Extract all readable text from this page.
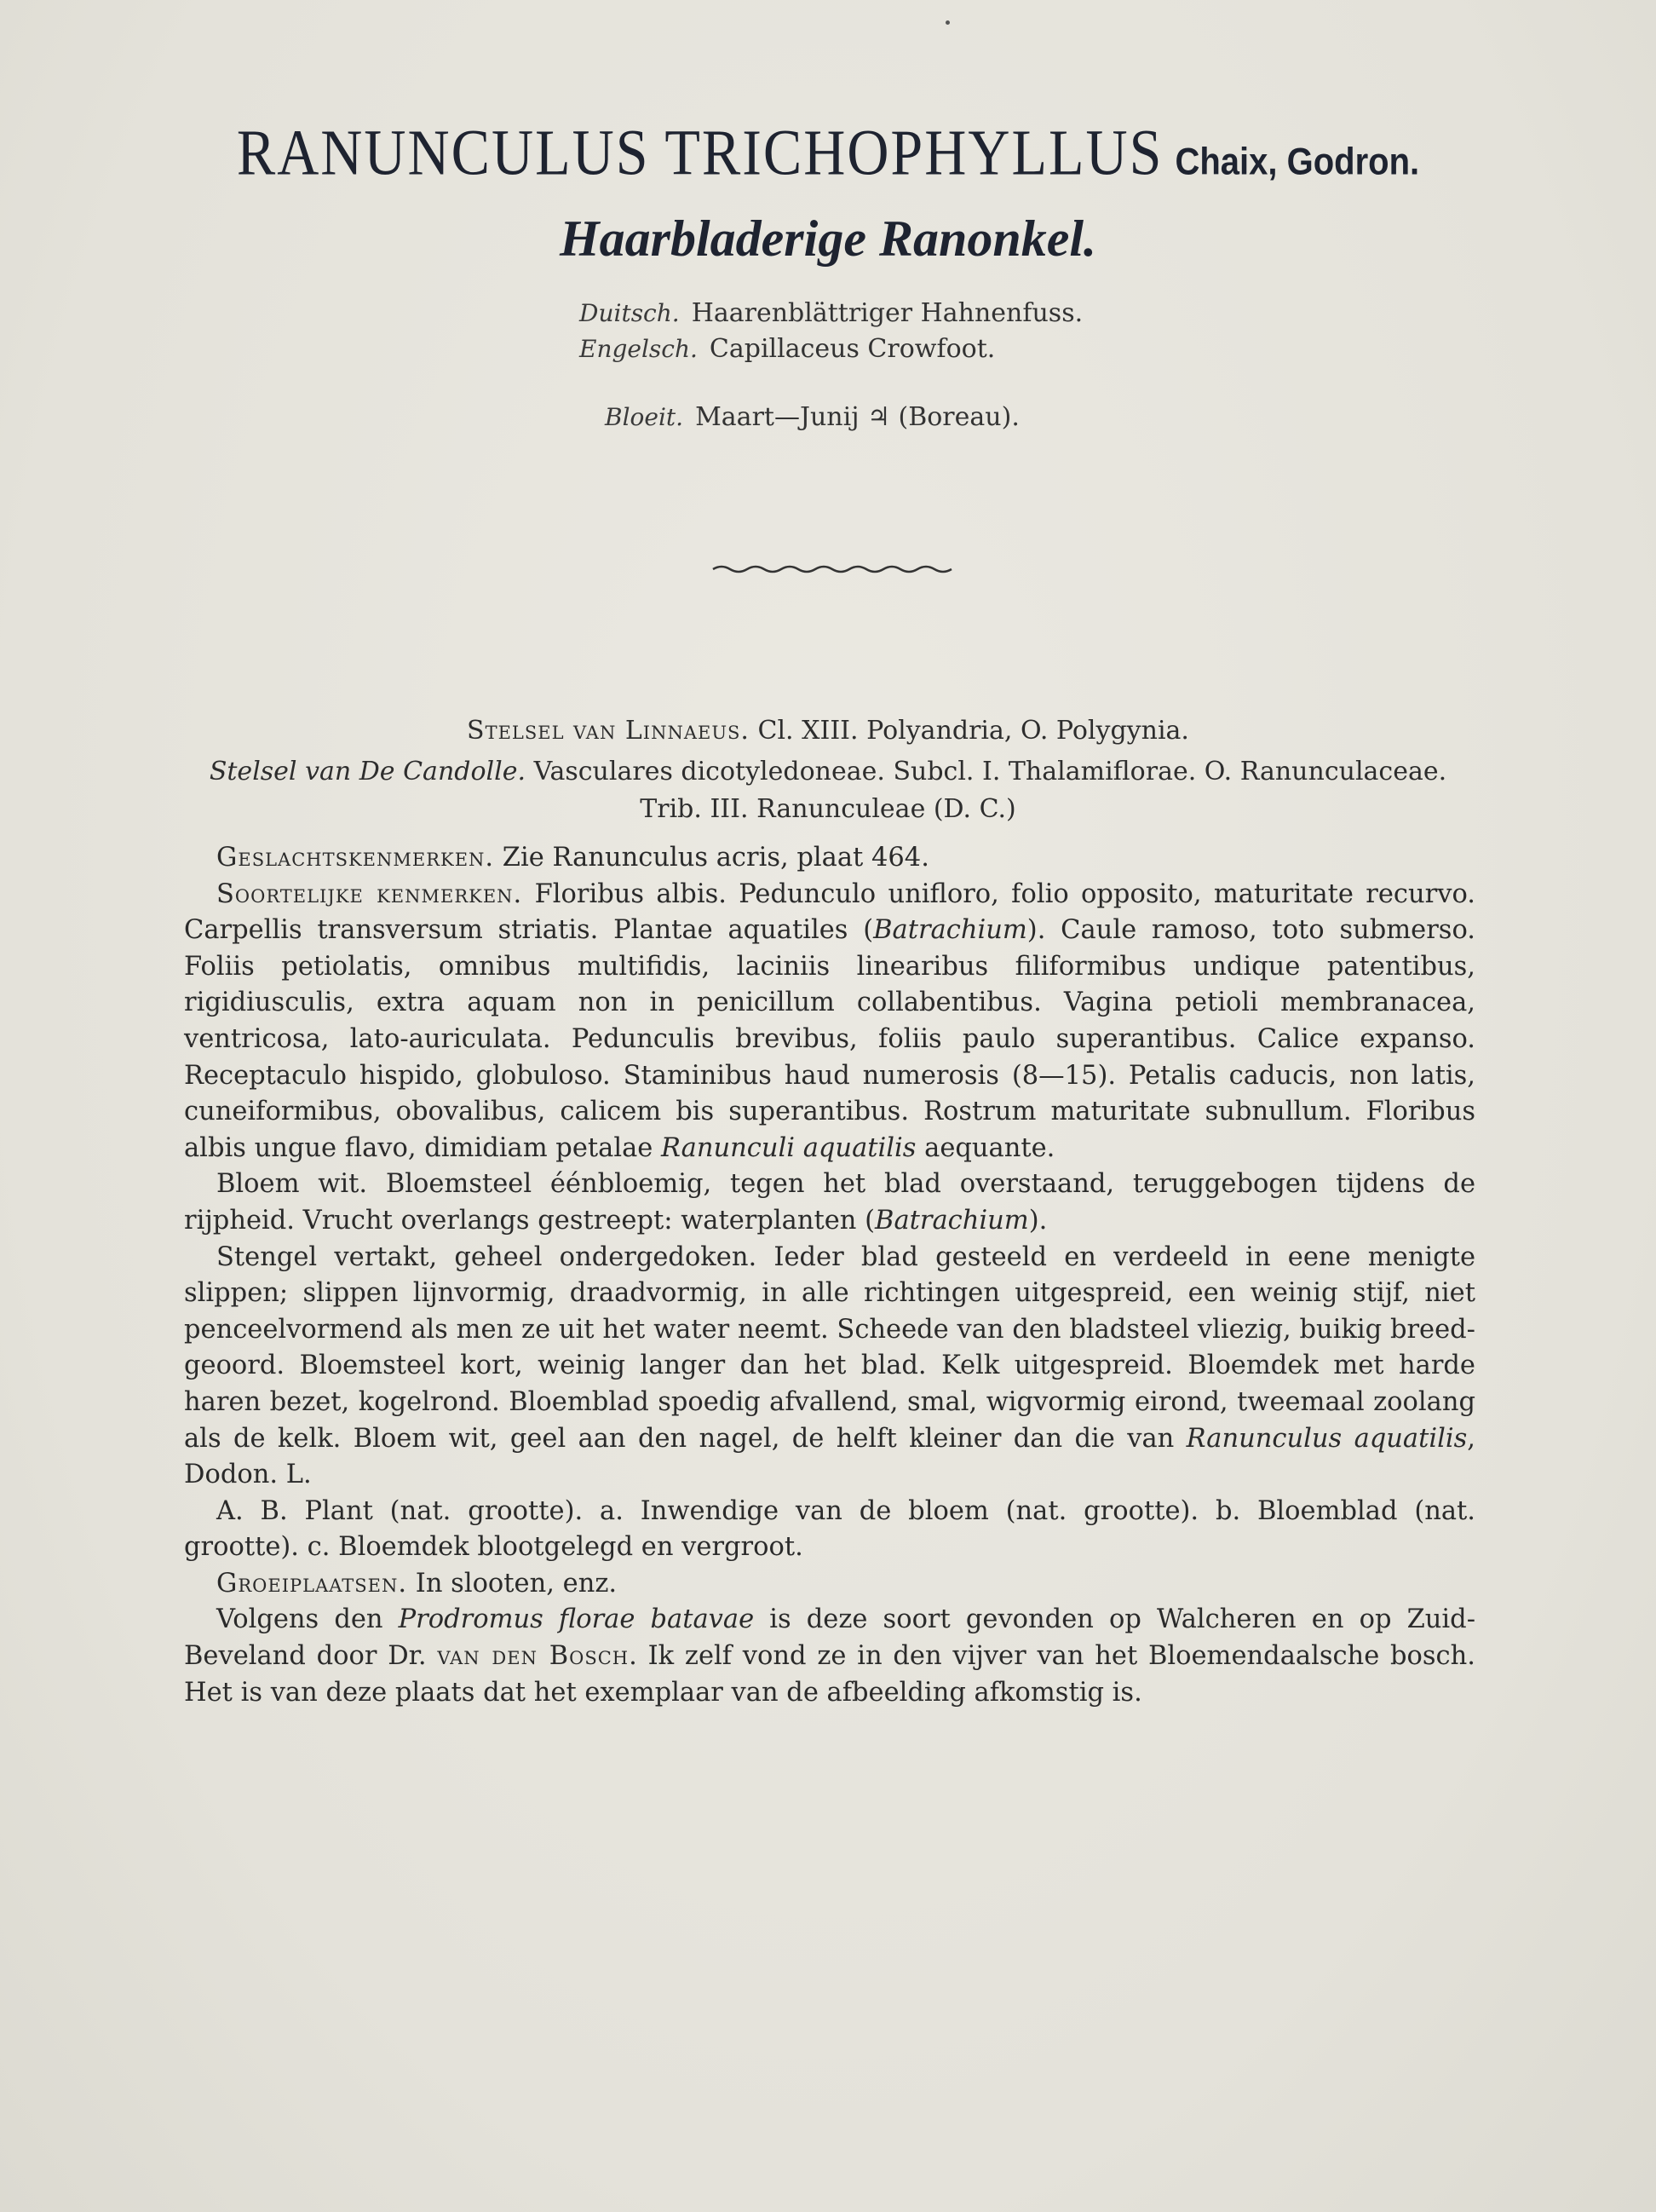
RANUNCULUS TRICHOPHYLLUS Chaix, Godron.
Haarbladerige Ranonkel.
Duitsch. Haarenblättriger Hahnenfuss.
Engelsch. Capillaceus Crowfoot.
Bloeit. Maart—Junij ♃ (Boreau).
Stelsel van Linnaeus. Cl. XIII. Polyandria, O. Polygynia.
Stelsel van De Candolle. Vasculares dicotyledoneae. Subcl. I. Thalamiflorae. O. Ranunculaceae.
Trib. III. Ranunculeae (D. C.)

Geslachtskenmerken. Zie Ranunculus acris, plaat 464.

Soortelijke kenmerken. Floribus albis. Pedunculo unifloro, folio opposito, maturitate recurvo. Carpellis transversum striatis. Plantae aquatiles (Batrachium). Caule ramoso, toto submerso. Foliis petiolatis, omnibus multifidis, laciniis linearibus filiformibus undique patentibus, rigidiusculis, extra aquam non in penicillum collabentibus. Vagina petioli membranacea, ventricosa, lato-auriculata. Pedunculis brevibus, foliis paulo superantibus. Calice expanso. Receptaculo hispido, globuloso. Staminibus haud numerosis (8—15). Petalis caducis, non latis, cuneiformibus, obovalibus, calicem bis superantibus. Rostrum maturitate subnullum. Floribus albis ungue flavo, dimidiam petalae Ranunculi aquatilis aequante.

Bloem wit. Bloemsteel éénbloemig, tegen het blad overstaand, teruggebogen tijdens de rijpheid. Vrucht overlangs gestreept: waterplanten (Batrachium).

Stengel vertakt, geheel ondergedoken. Ieder blad gesteeld en verdeeld in eene menigte slippen; slippen lijnvormig, draadvormig, in alle richtingen uitgespreid, een weinig stijf, niet penceelvormend als men ze uit het water neemt. Scheede van den bladsteel vliezig, buikig breed-geoord. Bloemsteel kort, weinig langer dan het blad. Kelk uitgespreid. Bloemdek met harde haren bezet, kogelrond. Bloemblad spoedig afvallend, smal, wigvormig eirond, tweemaal zoolang als de kelk. Bloem wit, geel aan den nagel, de helft kleiner dan die van Ranunculus aquatilis, Dodon. L.

A. B. Plant (nat. grootte). a. Inwendige van de bloem (nat. grootte). b. Bloemblad (nat. grootte). c. Bloemdek blootgelegd en vergroot.

Groeiplaatsen. In slooten, enz.

Volgens den Prodromus florae batavae is deze soort gevonden op Walcheren en op Zuid-Beveland door Dr. van den Bosch. Ik zelf vond ze in den vijver van het Bloemendaalsche bosch. Het is van deze plaats dat het exemplaar van de afbeelding afkomstig is.
